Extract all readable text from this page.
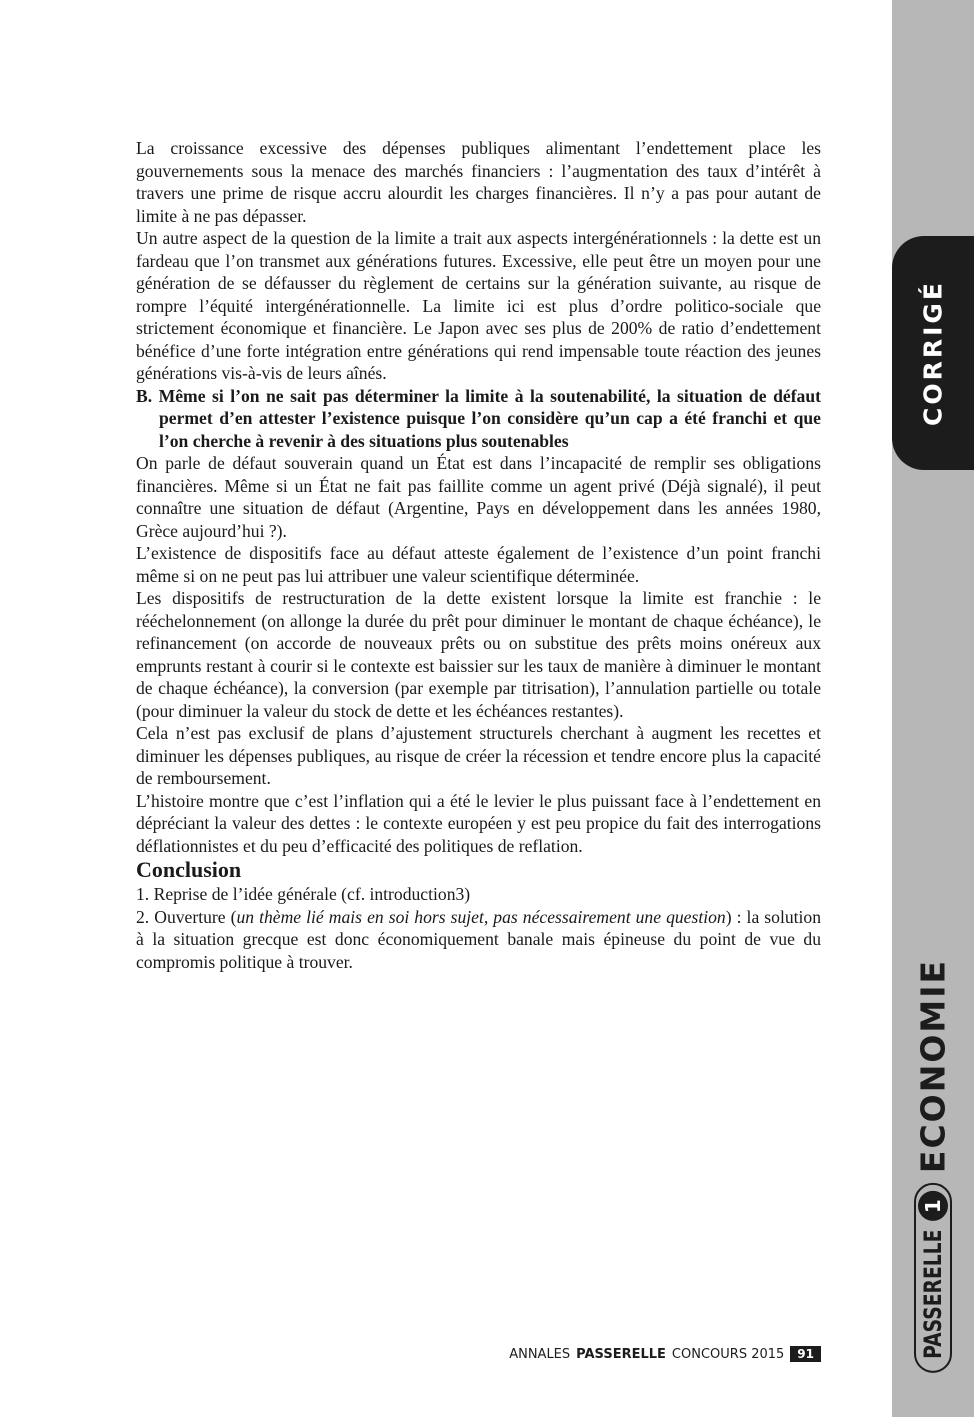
CORRIGÉ
ECONOMIE
PASSERELLE
1

La croissance excessive des dépenses publiques alimentant l’endettement place les gouvernements sous la menace des marchés financiers : l’augmentation des taux d’intérêt à travers une prime de risque accru alourdit les charges financières. Il n’y a pas pour autant de limite à ne pas dépasser.

Un autre aspect de la question de la limite a trait aux aspects intergénérationnels : la dette est un fardeau que l’on transmet aux générations futures. Excessive, elle peut être un moyen pour une génération de se défausser du règlement de certains sur la génération suivante, au risque de rompre l’équité intergénérationnelle. La limite ici est plus d’ordre politico-sociale que strictement économique et financière. Le Japon avec ses plus de 200% de ratio d’endettement bénéfice d’une forte intégration entre générations qui rend impensable toute réaction des jeunes générations vis-à-vis de leurs aînés.

B. Même si l’on ne sait pas déterminer la limite à la soutenabilité, la situation de défaut permet d’en attester l’existence puisque l’on considère qu’un cap a été franchi et que l’on cherche à revenir à des situations plus soutenables

On parle de défaut souverain quand un État est dans l’incapacité de remplir ses obligations financières. Même si un État ne fait pas faillite comme un agent privé (Déjà signalé), il peut connaître une situation de défaut (Argentine, Pays en développement dans les années 1980, Grèce aujourd’hui ?).

L’existence de dispositifs face au défaut atteste également de l’existence d’un point franchi même si on ne peut pas lui attribuer une valeur scientifique déterminée.

Les dispositifs de restructuration de la dette existent lorsque la limite est franchie : le rééchelonnement (on allonge la durée du prêt pour diminuer le montant de chaque échéance), le refinancement (on accorde de nouveaux prêts ou on substitue des prêts moins onéreux aux emprunts restant à courir si le contexte est baissier sur les taux de manière à diminuer le montant de chaque échéance), la conversion (par exemple par titrisation), l’annulation partielle ou totale (pour diminuer la valeur du stock de dette et les échéances restantes).

Cela n’est pas exclusif de plans d’ajustement structurels cherchant à augment les recettes et diminuer les dépenses publiques, au risque de créer la récession et tendre encore plus la capacité de remboursement.

L’histoire montre que c’est l’inflation qui a été le levier le plus puissant face à l’endettement en dépréciant la valeur des dettes : le contexte européen y est peu propice du fait des interrogations déflationnistes et du peu d’efficacité des politiques de reflation.

Conclusion

1. Reprise de l’idée générale (cf. introduction3)

2. Ouverture (un thème lié mais en soi hors sujet, pas nécessairement une question) : la solution à la situation grecque est donc économiquement banale mais épineuse du point de vue du compromis politique à trouver.

ANNALES PASSERELLE CONCOURS 2015	91
